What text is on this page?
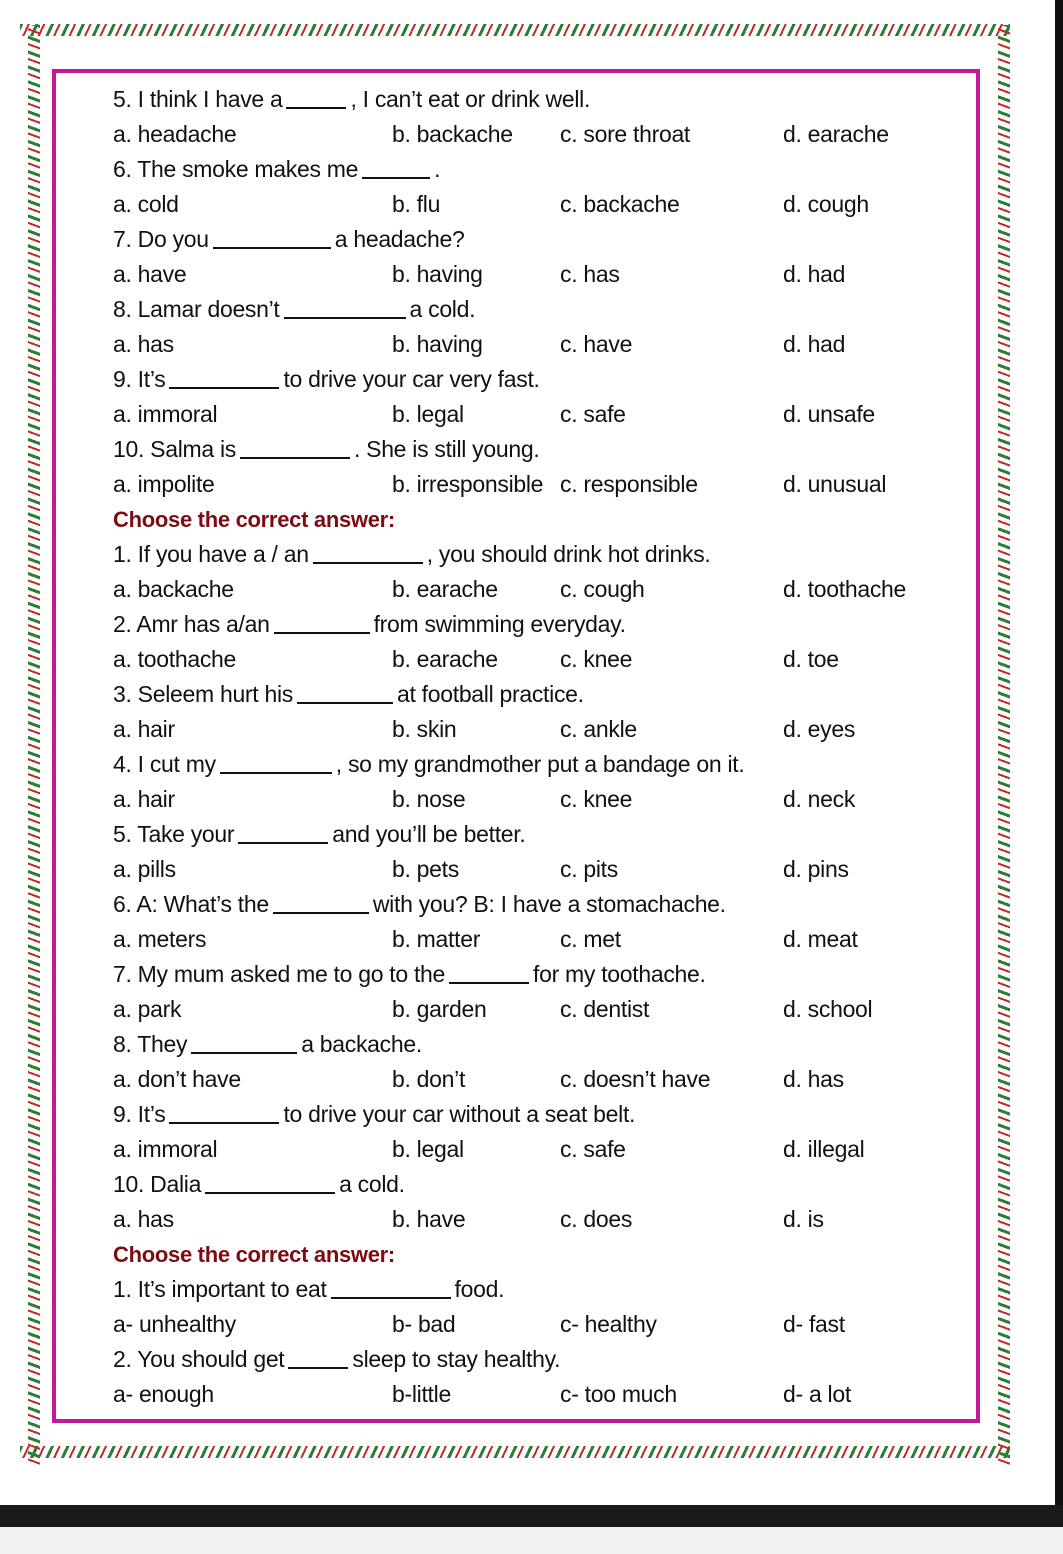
5. I think I have a	, I can’t eat or drink well.
a. headache	b. backache c. sore throat	d. earache
6. The smoke makes me	.
a. cold	b. flu	c. backache	d. cough
7. Do you	a headache?
a. have	b. having	c. has	d. had
8. Lamar doesn’t	a cold.
a. has	b. having	c. have	d. had
9. It’s	to drive your car very fast.
a. immoral	b. legal	c. safe	d. unsafe
10. Salma is	. She is still young.
a. impolite	b. irresponsible c. responsible	d. unusual
Choose the correct answer:
1. If you have a / an	, you should drink hot drinks.
a. backache	b. earache	c. cough	d. toothache
2. Amr has a/an	from swimming everyday.
a. toothache	b. earache	c. knee	d. toe
3. Seleem hurt his	at football practice.
a. hair	b. skin	c. ankle	d. eyes
4. I cut my	, so my grandmother put a bandage on it.
a. hair	b. nose	c. knee	d. neck
5. Take your	and you’ll be better.
a. pills	b. pets	c. pits	d. pins
6. A: What’s the	with you? B: I have a stomachache.
a. meters	b. matter	c. met	d. meat
7. My mum asked me to go to the	for my toothache.
a. park	b. garden	c. dentist	d. school
8. They	a backache.
a. don’t have	b. don’t	c. doesn’t have	d. has
9. It’s	to drive your car without a seat belt.
a. immoral	b. legal	c. safe	d. illegal
10. Dalia	a cold.
a. has	b. have	c. does	d. is
Choose the correct answer:
1. It’s important to eat	food.
a- unhealthy	b- bad	c- healthy	d- fast
2. You should get	sleep to stay healthy.
a- enough	b-little	c- too much	d- a lot
